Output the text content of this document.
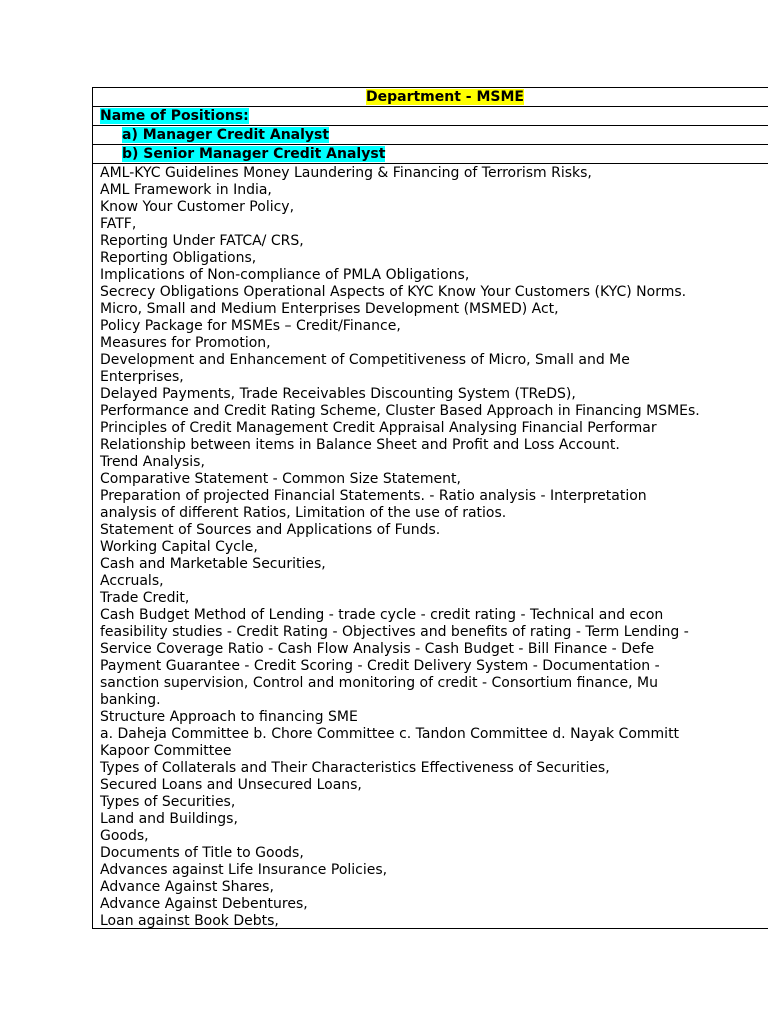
Department - MSME
Name of Positions:
a) Manager Credit Analyst
b) Senior Manager Credit Analyst
AML-KYC Guidelines Money Laundering & Financing of Terrorism Risks,
AML Framework in India,
Know Your Customer Policy,
FATF,
Reporting Under FATCA/ CRS,
Reporting Obligations,
Implications of Non-compliance of PMLA Obligations,
Secrecy Obligations Operational Aspects of KYC Know Your Customers (KYC) Norms.
Micro, Small and Medium Enterprises Development (MSMED) Act,
Policy Package for MSMEs – Credit/Finance,
Measures for Promotion,
Development and Enhancement of Competitiveness of Micro, Small and Me
Enterprises,
Delayed Payments, Trade Receivables Discounting System (TReDS),
Performance and Credit Rating Scheme, Cluster Based Approach in Financing MSMEs.
Principles of Credit Management Credit Appraisal Analysing Financial Performar
Relationship between items in Balance Sheet and Profit and Loss Account.
Trend Analysis,
Comparative Statement - Common Size Statement,
Preparation of projected Financial Statements. - Ratio analysis - Interpretation
analysis of different Ratios, Limitation of the use of ratios.
Statement of Sources and Applications of Funds.
Working Capital Cycle,
Cash and Marketable Securities,
Accruals,
Trade Credit,
Cash Budget Method of Lending - trade cycle - credit rating - Technical and econ
feasibility studies - Credit Rating - Objectives and benefits of rating - Term Lending -
Service Coverage Ratio - Cash Flow Analysis - Cash Budget - Bill Finance - Defe
Payment Guarantee - Credit Scoring - Credit Delivery System - Documentation -
sanction supervision, Control and monitoring of credit - Consortium finance, Mu
banking.
Structure Approach to financing SME
a. Daheja Committee b. Chore Committee c. Tandon Committee d. Nayak Committ
Kapoor Committee
Types of Collaterals and Their Characteristics Effectiveness of Securities,
Secured Loans and Unsecured Loans,
Types of Securities,
Land and Buildings,
Goods,
Documents of Title to Goods,
Advances against Life Insurance Policies,
Advance Against Shares,
Advance Against Debentures,
Loan against Book Debts,
